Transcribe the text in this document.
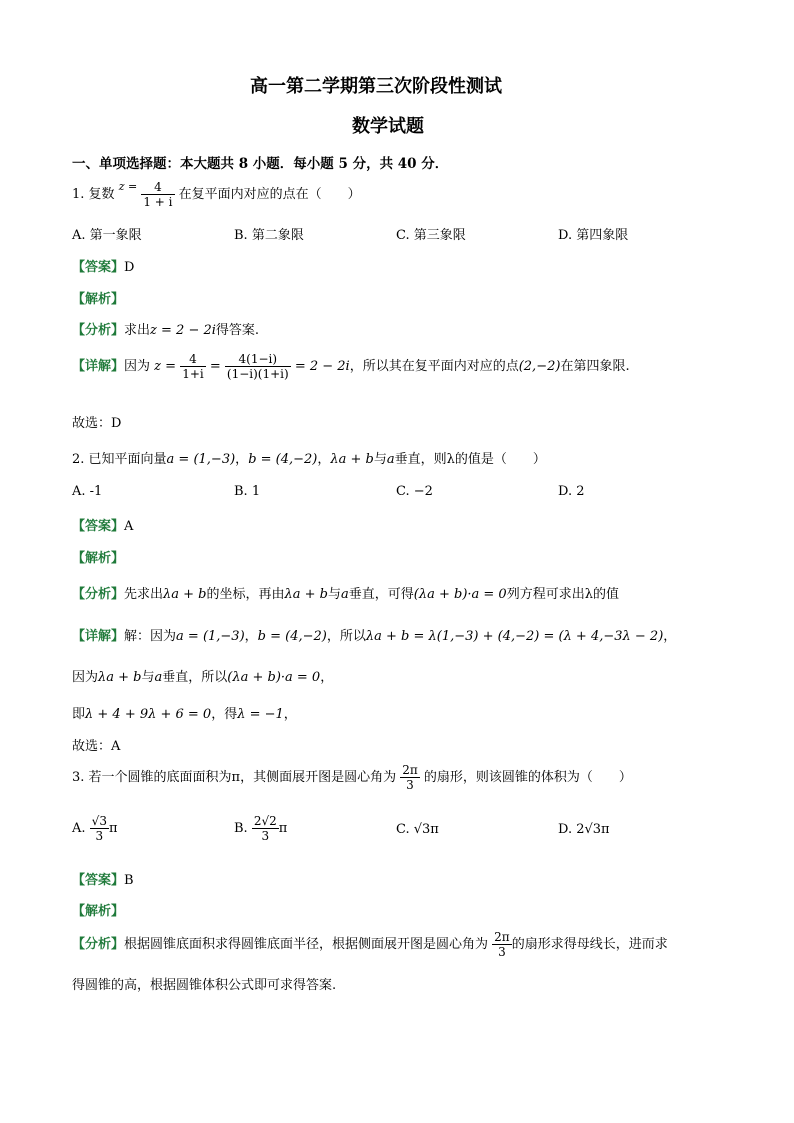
高一第二学期第三次阶段性测试
数学试题
一、单项选择题：本大题共 8 小题．每小题 5 分，共 40 分．
1. 复数 $^{z =} \frac{4}{1 + i}$ 在复平面内对应的点在（　　）
A. 第一象限	B. 第二象限	C. 第三象限	D. 第四象限
【答案】D
【解析】
【分析】求出z = 2 − 2i得答案.
【详解】因为 $z = \frac{4}{1+i} = \frac{4(1-i)}{(1-i)(1+i)} = 2 - 2i$，所以其在复平面内对应的点(2,−2)在第四象限.
故选：D
2. 已知平面向量a = (1,−3)，b = (4,−2)，λa + b与a垂直，则λ的值是（　　）
A. -1	B. 1	C. −2	D. 2
【答案】A
【解析】
【分析】先求出λa + b的坐标，再由λa + b与a垂直，可得(λa + b)·a = 0列方程可求出λ的值
【详解】解：因为a = (1,−3)，b = (4,−2)，所以λa + b = λ(1,−3) + (4,−2) = (λ + 4,−3λ − 2)，
因为λa + b与a垂直，所以(λa + b)·a = 0，
即λ + 4 + 9λ + 6 = 0，得λ = −1，
故选：A
3. 若一个圆锥的底面面积为π，其侧面展开图是圆心角为 $\frac{2\pi}{3}$ 的扇形，则该圆锥的体积为（　　）
A. $\frac{√3}{3}$ π	B. $\frac{2√2}{3}$ π	C. √3π	D. 2√3π
【答案】B
【解析】
【分析】根据圆锥底面积求得圆锥底面半径，根据侧面展开图是圆心角为 $\frac{2\pi}{3}$ 的扇形求得母线长，进而求
得圆锥的高，根据圆锥体积公式即可求得答案.
